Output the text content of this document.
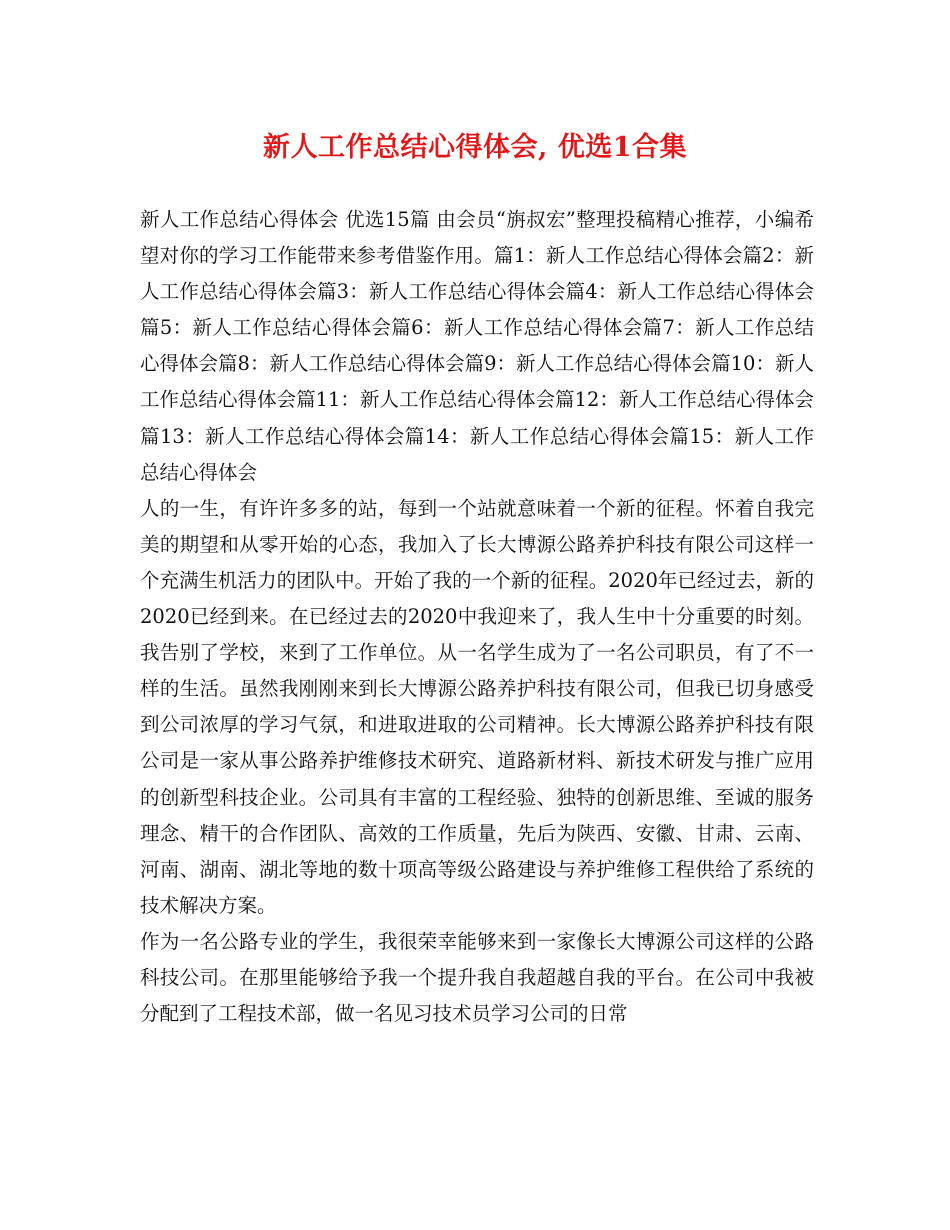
新人工作总结心得体会, 优选1合集

新人工作总结心得体会 优选15篇 由会员“旃叔宏”整理投稿精心推荐，小编希望对你的学习工作能带来参考借鉴作用。篇1：新人工作总结心得体会篇2：新人工作总结心得体会篇3：新人工作总结心得体会篇4：新人工作总结心得体会篇5：新人工作总结心得体会篇6：新人工作总结心得体会篇7：新人工作总结心得体会篇8：新人工作总结心得体会篇9：新人工作总结心得体会篇10：新人工作总结心得体会篇11：新人工作总结心得体会篇12：新人工作总结心得体会篇13：新人工作总结心得体会篇14：新人工作总结心得体会篇15：新人工作总结心得体会

人的一生，有许许多多的站，每到一个站就意味着一个新的征程。怀着自我完美的期望和从零开始的心态，我加入了长大博源公路养护科技有限公司这样一个充满生机活力的团队中。开始了我的一个新的征程。2020年已经过去，新的2020已经到来。在已经过去的2020中我迎来了，我人生中十分重要的时刻。我告别了学校，来到了工作单位。从一名学生成为了一名公司职员，有了不一样的生活。虽然我刚刚来到长大博源公路养护科技有限公司，但我已切身感受到公司浓厚的学习气氛，和进取进取的公司精神。长大博源公路养护科技有限公司是一家从事公路养护维修技术研究、道路新材料、新技术研发与推广应用的创新型科技企业。公司具有丰富的工程经验、独特的创新思维、至诚的服务理念、精干的合作团队、高效的工作质量，先后为陕西、安徽、甘肃、云南、河南、湖南、湖北等地的数十项高等级公路建设与养护维修工程供给了系统的技术解决方案。

作为一名公路专业的学生，我很荣幸能够来到一家像长大博源公司这样的公路科技公司。在那里能够给予我一个提升我自我超越自我的平台。在公司中我被分配到了工程技术部，做一名见习技术员学习公司的日常
